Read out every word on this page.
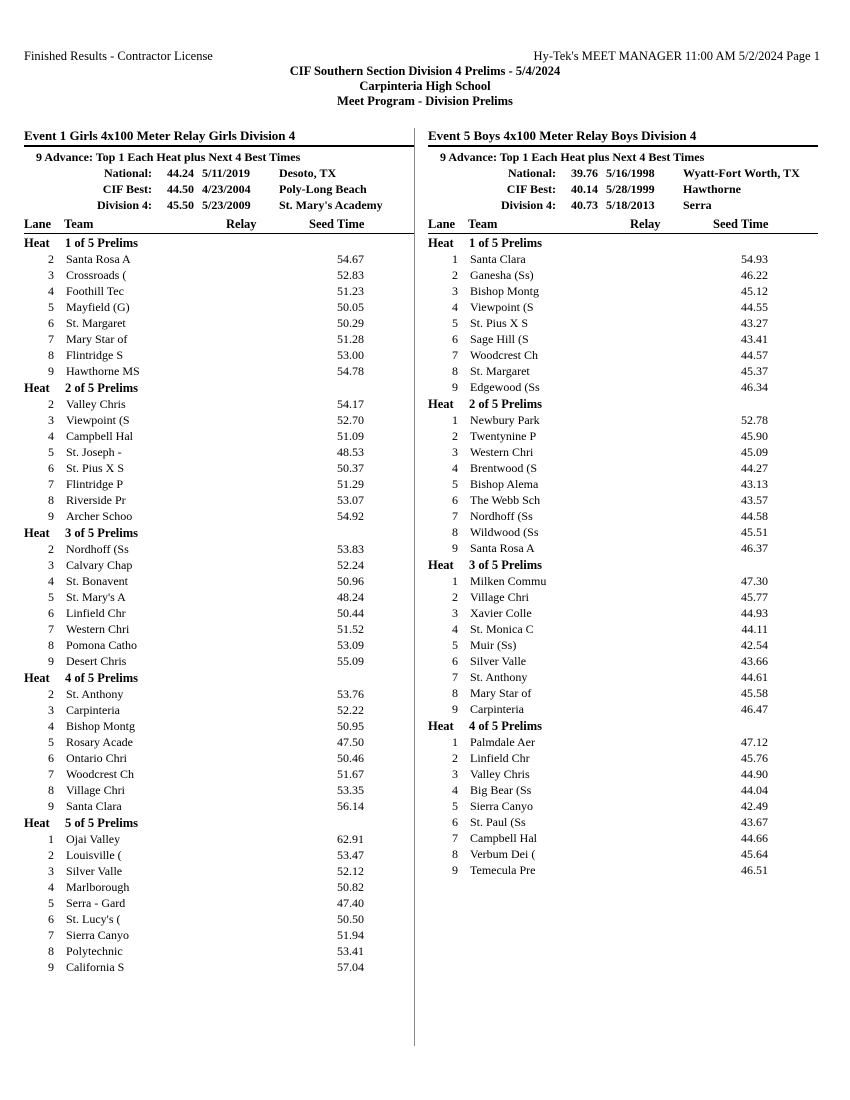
Finished Results - Contractor License	Hy-Tek's MEET MANAGER 11:00 AM 5/2/2024 Page 1
CIF Southern Section Division 4 Prelims - 5/4/2024
Carpinteria High School
Meet Program - Division Prelims
Event 1 Girls 4x100 Meter Relay Girls Division 4
9 Advance: Top 1 Each Heat plus Next 4 Best Times
National:	44.24 5/11/2019 Desoto, TX
CIF Best:	44.50 4/23/2004 Poly-Long Beach
Division 4:	45.50 5/23/2009 St. Mary's Academy
Lane Team	Relay	Seed Time
Heat 1 of 5 Prelims
2 Santa Rosa A	54.67
3 Crossroads (	52.83
4 Foothill Tec	51.23
5 Mayfield (G)	50.05
6 St. Margaret	50.29
7 Mary Star of	51.28
8 Flintridge S	53.00
9 Hawthorne MS	54.78
Heat 2 of 5 Prelims
2 Valley Chris	54.17
3 Viewpoint (S	52.70
4 Campbell Hal	51.09
5 St. Joseph -	48.53
6 St. Pius X S	50.37
7 Flintridge P	51.29
8 Riverside Pr	53.07
9 Archer Schoo	54.92
Heat 3 of 5 Prelims
2 Nordhoff (Ss	53.83
3 Calvary Chap	52.24
4 St. Bonavent	50.96
5 St. Mary's A	48.24
6 Linfield Chr	50.44
7 Western Chri	51.52
8 Pomona Catho	53.09
9 Desert Chris	55.09
Heat 4 of 5 Prelims
2 St. Anthony	53.76
3 Carpinteria	52.22
4 Bishop Montg	50.95
5 Rosary Acade	47.50
6 Ontario Chri	50.46
7 Woodcrest Ch	51.67
8 Village Chri	53.35
9 Santa Clara	56.14
Heat 5 of 5 Prelims
1 Ojai Valley	62.91
2 Louisville (	53.47
3 Silver Valle	52.12
4 Marlborough	50.82
5 Serra - Gard	47.40
6 St. Lucy's (	50.50
7 Sierra Canyo	51.94
8 Polytechnic	53.41
9 California S	57.04
Event 5 Boys 4x100 Meter Relay Boys Division 4
9 Advance: Top 1 Each Heat plus Next 4 Best Times
National:	39.76 5/16/1998 Wyatt-Fort Worth, TX
CIF Best:	40.14 5/28/1999 Hawthorne
Division 4:	40.73 5/18/2013 Serra
Lane Team	Relay	Seed Time
Heat 1 of 5 Prelims
1 Santa Clara	54.93
2 Ganesha (Ss)	46.22
3 Bishop Montg	45.12
4 Viewpoint (S	44.55
5 St. Pius X S	43.27
6 Sage Hill (S	43.41
7 Woodcrest Ch	44.57
8 St. Margaret	45.37
9 Edgewood (Ss	46.34
Heat 2 of 5 Prelims
1 Newbury Park	52.78
2 Twentynine P	45.90
3 Western Chri	45.09
4 Brentwood (S	44.27
5 Bishop Alema	43.13
6 The Webb Sch	43.57
7 Nordhoff (Ss	44.58
8 Wildwood (Ss	45.51
9 Santa Rosa A	46.37
Heat 3 of 5 Prelims
1 Milken Commu	47.30
2 Village Chri	45.77
3 Xavier Colle	44.93
4 St. Monica C	44.11
5 Muir (Ss)	42.54
6 Silver Valle	43.66
7 St. Anthony	44.61
8 Mary Star of	45.58
9 Carpinteria	46.47
Heat 4 of 5 Prelims
1 Palmdale Aer	47.12
2 Linfield Chr	45.76
3 Valley Chris	44.90
4 Big Bear (Ss	44.04
5 Sierra Canyo	42.49
6 St. Paul (Ss	43.67
7 Campbell Hal	44.66
8 Verbum Dei (	45.64
9 Temecula Pre	46.51
